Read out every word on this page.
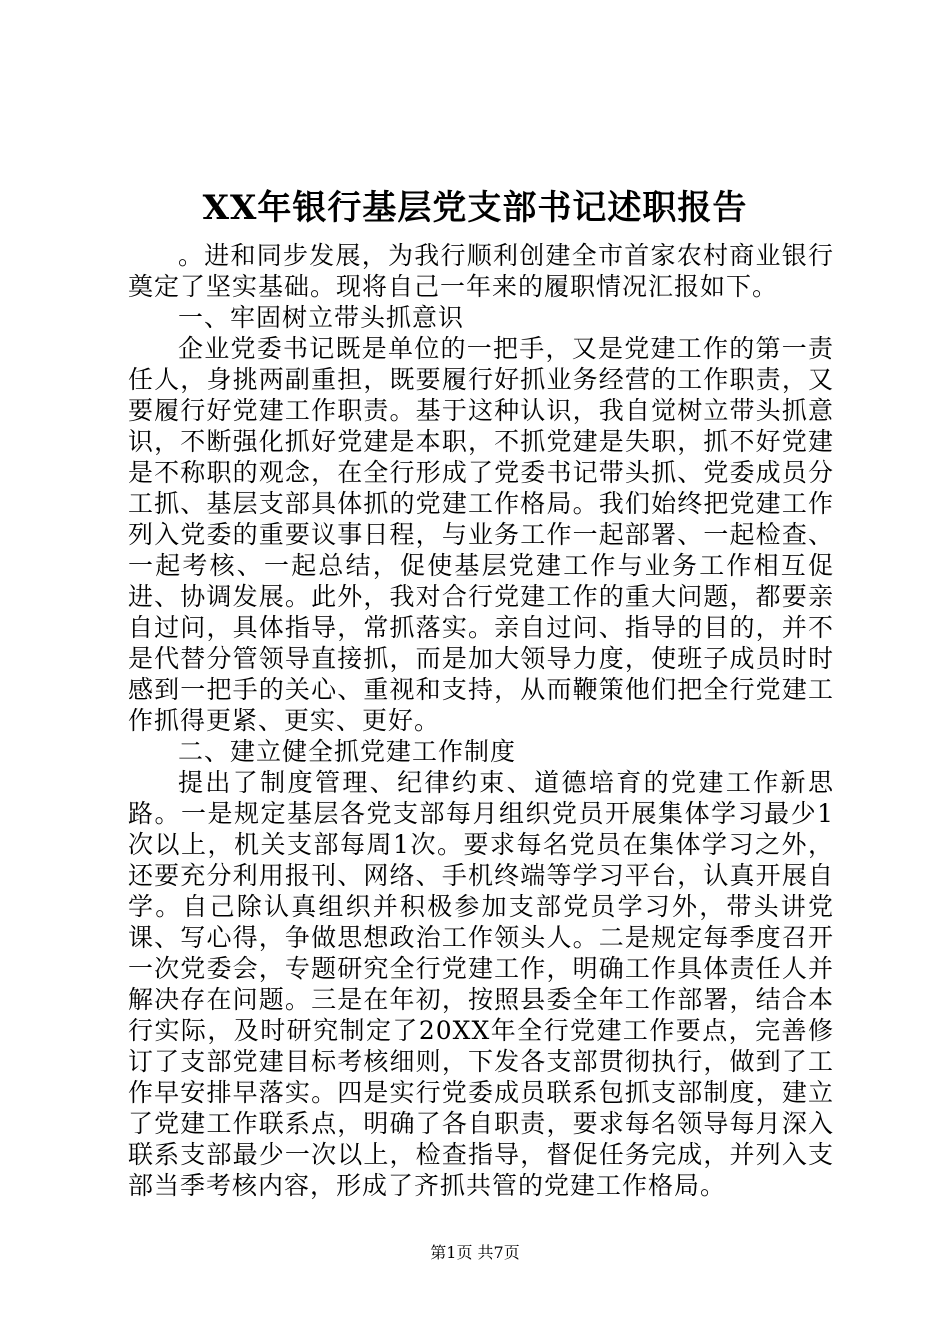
XX年银行基层党支部书记述职报告

。进和同步发展，为我行顺利创建全市首家农村商业银行奠定了坚实基础。现将自己一年来的履职情况汇报如下。

一、牢固树立带头抓意识

企业党委书记既是单位的一把手，又是党建工作的第一责任人，身挑两副重担，既要履行好抓业务经营的工作职责，又要履行好党建工作职责。基于这种认识，我自觉树立带头抓意识，不断强化抓好党建是本职，不抓党建是失职，抓不好党建是不称职的观念，在全行形成了党委书记带头抓、党委成员分工抓、基层支部具体抓的党建工作格局。我们始终把党建工作列入党委的重要议事日程，与业务工作一起部署、一起检查、一起考核、一起总结，促使基层党建工作与业务工作相互促进、协调发展。此外，我对合行党建工作的重大问题，都要亲自过问，具体指导，常抓落实。亲自过问、指导的目的，并不是代替分管领导直接抓，而是加大领导力度，使班子成员时时感到一把手的关心、重视和支持，从而鞭策他们把全行党建工作抓得更紧、更实、更好。

二、建立健全抓党建工作制度

提出了制度管理、纪律约束、道德培育的党建工作新思路。一是规定基层各党支部每月组织党员开展集体学习最少1次以上，机关支部每周1次。要求每名党员在集体学习之外，还要充分利用报刊、网络、手机终端等学习平台，认真开展自学。自己除认真组织并积极参加支部党员学习外，带头讲党课、写心得，争做思想政治工作领头人。二是规定每季度召开一次党委会，专题研究全行党建工作，明确工作具体责任人并解决存在问题。三是在年初，按照县委全年工作部署，结合本行实际，及时研究制定了20XX年全行党建工作要点，完善修订了支部党建目标考核细则，下发各支部贯彻执行，做到了工作早安排早落实。四是实行党委成员联系包抓支部制度，建立了党建工作联系点，明确了各自职责，要求每名领导每月深入联系支部最少一次以上，检查指导，督促任务完成，并列入支部当季考核内容，形成了齐抓共管的党建工作格局。

第1页 共7页
